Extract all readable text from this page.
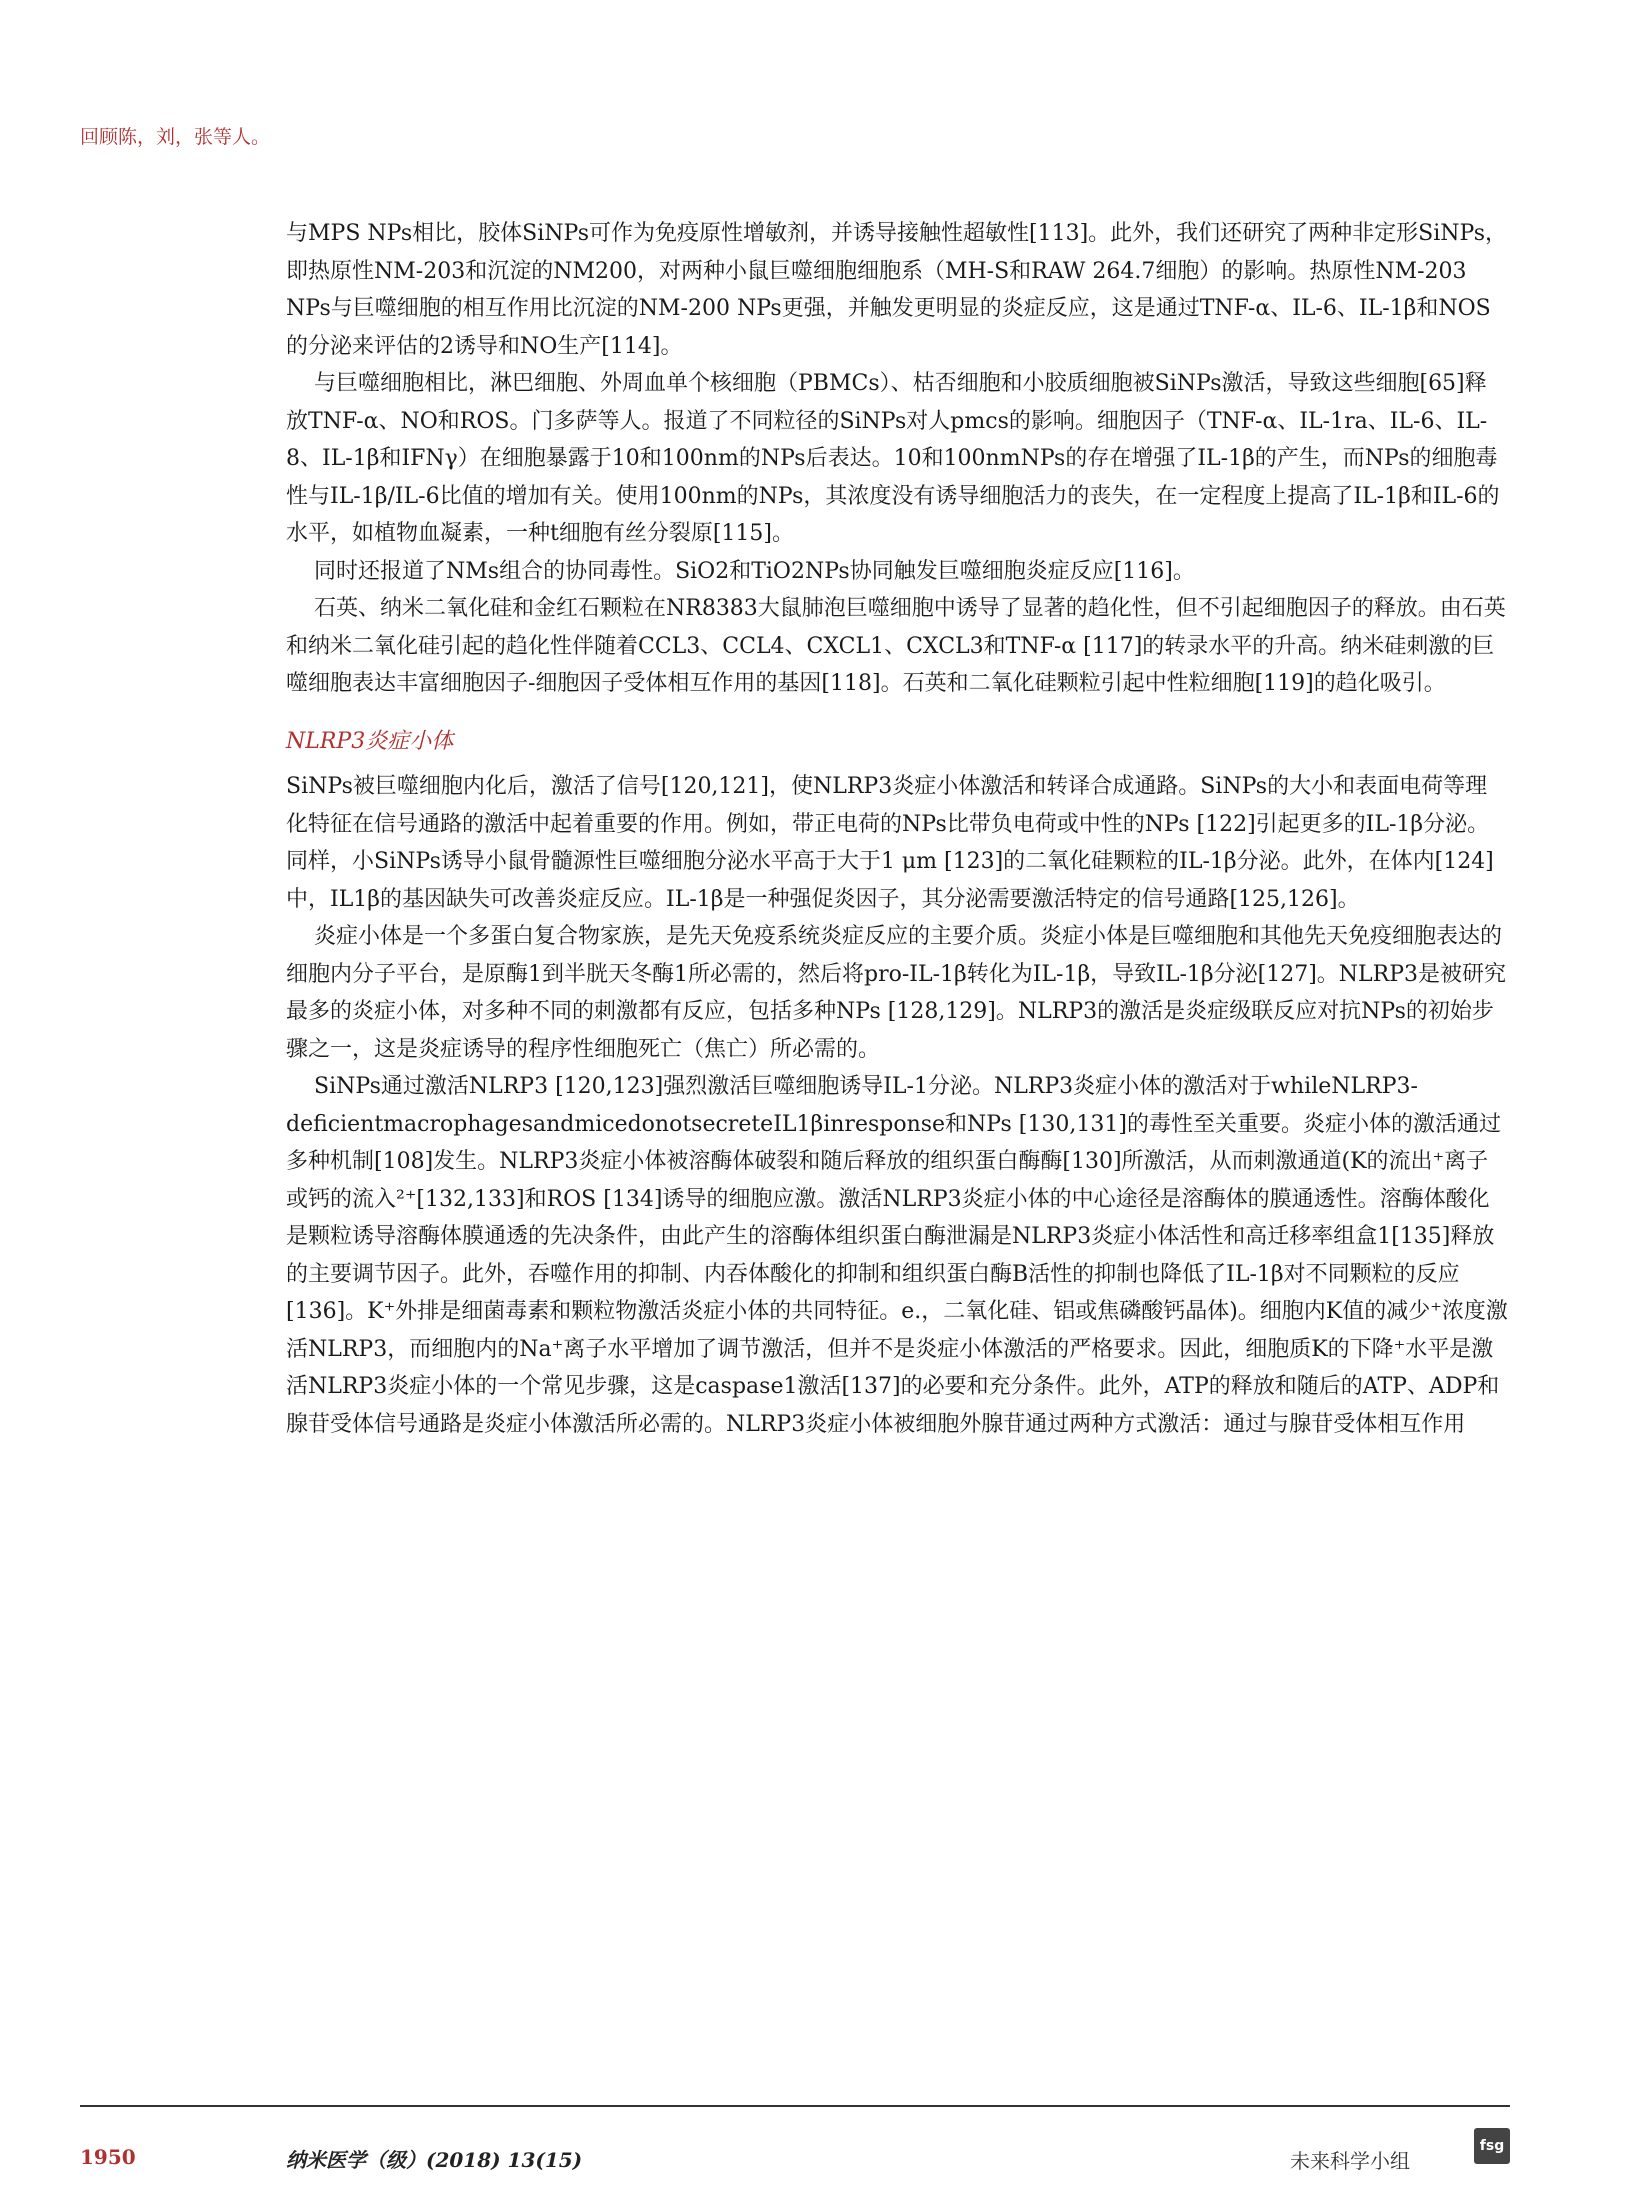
回顾陈，刘，张等人。

与MPS NPs相比，胶体SiNPs可作为免疫原性增敏剂，并诱导接触性超敏性[113]。此外，我们还研究了两种非定形SiNPs，即热原性NM-203和沉淀的NM200，对两种小鼠巨噬细胞细胞系（MH-S和RAW 264.7细胞）的影响。热原性NM-203 NPs与巨噬细胞的相互作用比沉淀的NM-200 NPs更强，并触发更明显的炎症反应，这是通过TNF-α、IL-6、IL-1β和NOS的分泌来评估的2诱导和NO生产[114]。

与巨噬细胞相比，淋巴细胞、外周血单个核细胞（PBMCs）、枯否细胞和小胶质细胞被SiNPs激活，导致这些细胞[65]释放TNF-α、NO和ROS。门多萨等人。报道了不同粒径的SiNPs对人pmcs的影响。细胞因子（TNF-α、IL-1ra、IL-6、IL-8、IL-1β和IFNγ）在细胞暴露于10和100nm的NPs后表达。10和100nmNPs的存在增强了IL-1β的产生，而NPs的细胞毒性与IL-1β/IL-6比值的增加有关。使用100nm的NPs，其浓度没有诱导细胞活力的丧失，在一定程度上提高了IL-1β和IL-6的水平，如植物血凝素，一种t细胞有丝分裂原[115]。

同时还报道了NMs组合的协同毒性。SiO2和TiO2NPs协同触发巨噬细胞炎症反应[116]。

石英、纳米二氧化硅和金红石颗粒在NR8383大鼠肺泡巨噬细胞中诱导了显著的趋化性，但不引起细胞因子的释放。由石英和纳米二氧化硅引起的趋化性伴随着CCL3、CCL4、CXCL1、CXCL3和TNF-α [117]的转录水平的升高。纳米硅刺激的巨噬细胞表达丰富细胞因子-细胞因子受体相互作用的基因[118]。石英和二氧化硅颗粒引起中性粒细胞[119]的趋化吸引。

NLRP3炎症小体

SiNPs被巨噬细胞内化后，激活了信号[120,121]，使NLRP3炎症小体激活和转译合成通路。SiNPs的大小和表面电荷等理化特征在信号通路的激活中起着重要的作用。例如，带正电荷的NPs比带负电荷或中性的NPs [122]引起更多的IL-1β分泌。同样，小SiNPs诱导小鼠骨髓源性巨噬细胞分泌水平高于大于1 μm [123]的二氧化硅颗粒的IL-1β分泌。此外，在体内[124]中，IL1β的基因缺失可改善炎症反应。IL-1β是一种强促炎因子，其分泌需要激活特定的信号通路[125,126]。

炎症小体是一个多蛋白复合物家族，是先天免疫系统炎症反应的主要介质。炎症小体是巨噬细胞和其他先天免疫细胞表达的细胞内分子平台，是原酶1到半胱天冬酶1所必需的，然后将pro-IL-1β转化为IL-1β，导致IL-1β分泌[127]。NLRP3是被研究最多的炎症小体，对多种不同的刺激都有反应，包括多种NPs [128,129]。NLRP3的激活是炎症级联反应对抗NPs的初始步骤之一，这是炎症诱导的程序性细胞死亡（焦亡）所必需的。

SiNPs通过激活NLRP3 [120,123]强烈激活巨噬细胞诱导IL-1分泌。NLRP3炎症小体的激活对于whileNLRP3-deficientmacrophagesandmicedonotsecreteIL1βinresponse和NPs [130,131]的毒性至关重要。炎症小体的激活通过多种机制[108]发生。NLRP3炎症小体被溶酶体破裂和随后释放的组织蛋白酶酶[130]所激活，从而刺激通道(K的流出⁺离子或钙的流入²⁺[132,133]和ROS [134]诱导的细胞应激。激活NLRP3炎症小体的中心途径是溶酶体的膜通透性。溶酶体酸化是颗粒诱导溶酶体膜通透的先决条件，由此产生的溶酶体组织蛋白酶泄漏是NLRP3炎症小体活性和高迁移率组盒1[135]释放的主要调节因子。此外，吞噬作用的抑制、内吞体酸化的抑制和组织蛋白酶B活性的抑制也降低了IL-1β对不同颗粒的反应[136]。K⁺外排是细菌毒素和颗粒物激活炎症小体的共同特征。e.，二氧化硅、铝或焦磷酸钙晶体)。细胞内K值的减少⁺浓度激活NLRP3，而细胞内的Na⁺离子水平增加了调节激活，但并不是炎症小体激活的严格要求。因此，细胞质K的下降⁺水平是激活NLRP3炎症小体的一个常见步骤，这是caspase1激活[137]的必要和充分条件。此外，ATP的释放和随后的ATP、ADP和腺苷受体信号通路是炎症小体激活所必需的。NLRP3炎症小体被细胞外腺苷通过两种方式激活：通过与腺苷受体相互作用

1950	纳米医学（级）(2018) 13(15)	未来科学小组
fsg
